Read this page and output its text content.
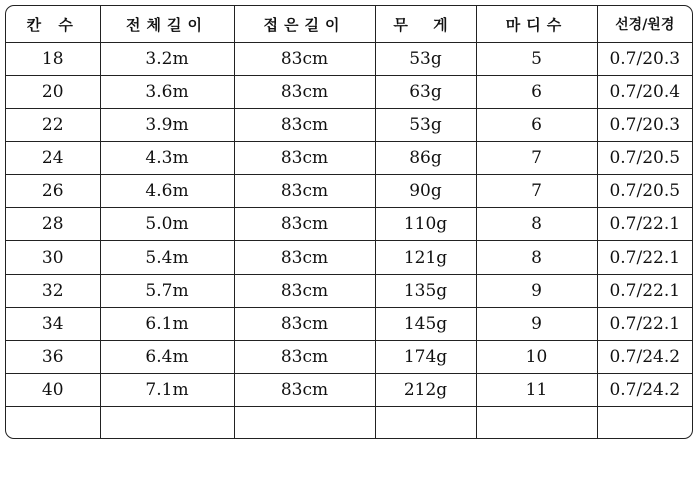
칸 수	전체길이	접은길이	무 게	마디수	선경/원경
18	3.2m	83cm	53g	5	0.7/20.3
20	3.6m	83cm	63g	6	0.7/20.4
22	3.9m	83cm	53g	6	0.7/20.3
24	4.3m	83cm	86g	7	0.7/20.5
26	4.6m	83cm	90g	7	0.7/20.5
28	5.0m	83cm	110g	8	0.7/22.1
30	5.4m	83cm	121g	8	0.7/22.1
32	5.7m	83cm	135g	9	0.7/22.1
34	6.1m	83cm	145g	9	0.7/22.1
36	6.4m	83cm	174g	10	0.7/24.2
40	7.1m	83cm	212g	11	0.7/24.2
